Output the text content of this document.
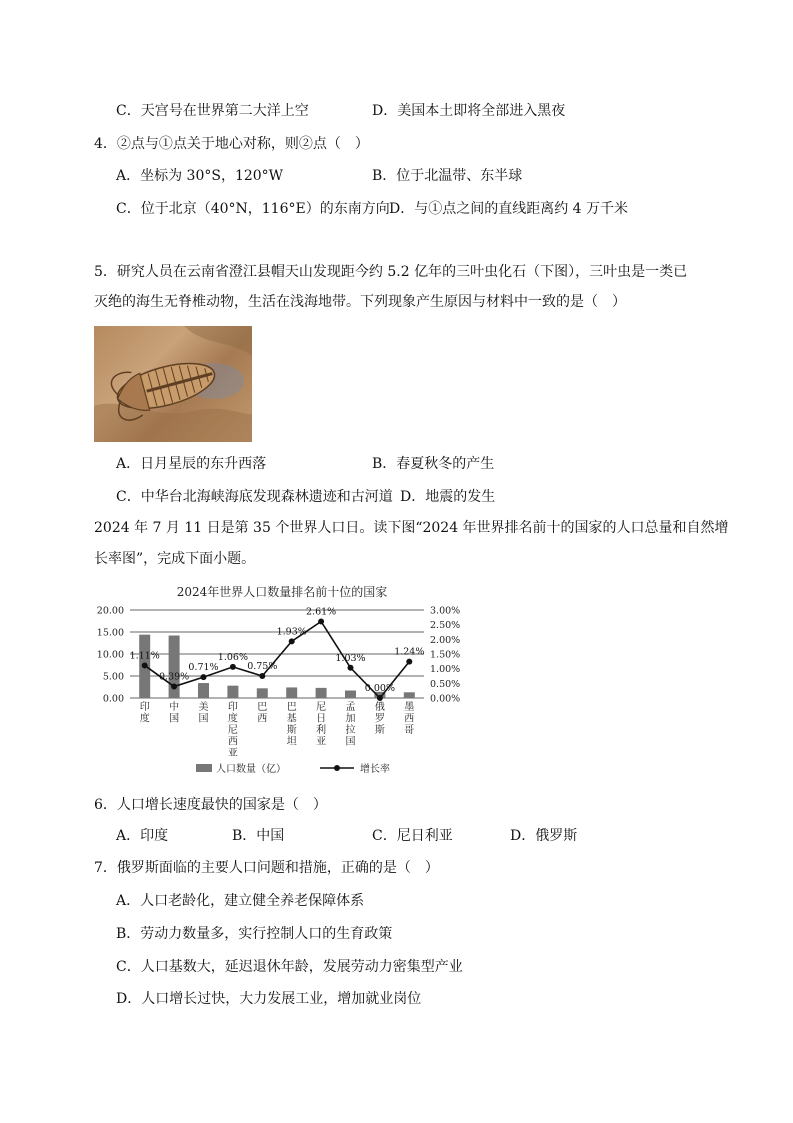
C．天宫号在世界第二大洋上空	D．美国本土即将全部进入黑夜
4．②点与①点关于地心对称，则②点（　）
A．坐标为 30°S，120°W	B．位于北温带、东半球
C．位于北京（40°N，116°E）的东南方向 D．与①点之间的直线距离约 4 万千米
5．研究人员在云南省澄江县帽天山发现距今约 5.2 亿年的三叶虫化石（下图），三叶虫是一类已
灭绝的海生无脊椎动物，生活在浅海地带。下列现象产生原因与材料中一致的是（　）
A．日月星辰的东升西落	B．春夏秋冬的产生
C．中华台北海峡海底发现森林遗迹和古河道 D．地震的发生
2024 年 7 月 11 日是第 35 个世界人口日。读下图“2024 年世界排名前十的国家的人口总量和自然增
长率图”，完成下面小题。
2024年世界人口数量排名前十位的国家
0.00
5.00
10.00
15.00
20.00
0.00%
0.50%
1.00%
1.50%
2.00%
2.50%
3.00%
1.11%
0.39%
0.71%
1.06%
0.75%
1.93%
2.61%
1.03%
0.00%
1.24%
印度
中国
美国
印度尼西亚
巴西
巴基斯坦
尼日利亚
孟加拉国
俄罗斯
墨西哥
人口数量（亿）	增长率
6．人口增长速度最快的国家是（　）
A．印度	B．中国	C．尼日利亚	D．俄罗斯
7．俄罗斯面临的主要人口问题和措施，正确的是（　）
A．人口老龄化，建立健全养老保障体系
B．劳动力数量多，实行控制人口的生育政策
C．人口基数大，延迟退休年龄，发展劳动力密集型产业
D．人口增长过快，大力发展工业，增加就业岗位
